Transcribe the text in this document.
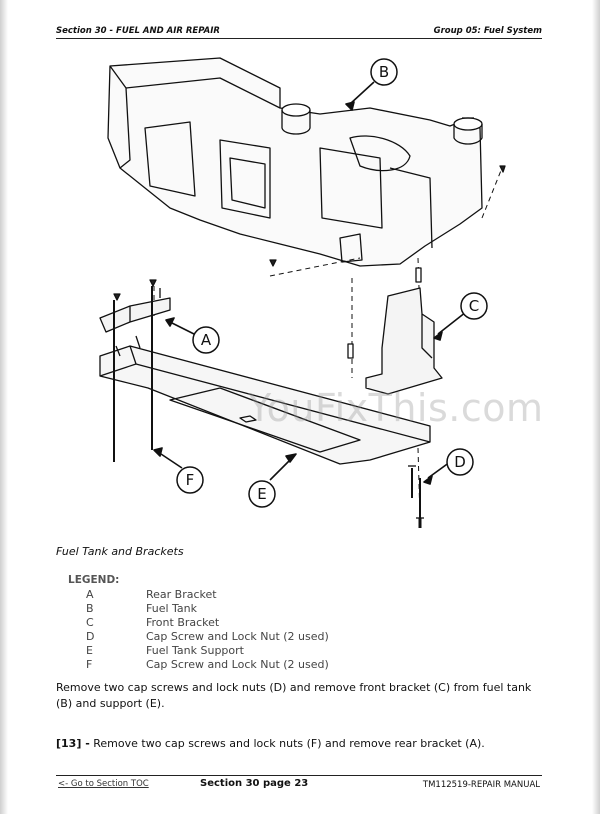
Section 30 - FUEL AND AIR REPAIR	Group 05: Fuel System
B
A
C
D
E
F
YouFixThis.com
Fuel Tank and Brackets
LEGEND:
A	Rear Bracket
B	Fuel Tank
C	Front Bracket
D	Cap Screw and Lock Nut (2 used)
E	Fuel Tank Support
F	Cap Screw and Lock Nut (2 used)
Remove two cap screws and lock nuts (D) and remove front bracket (C) from fuel tank (B) and support (E).
[13] - Remove two cap screws and lock nuts (F) and remove rear bracket (A).
<- Go to Section TOC	Section 30 page 23	TM112519-REPAIR MANUAL
